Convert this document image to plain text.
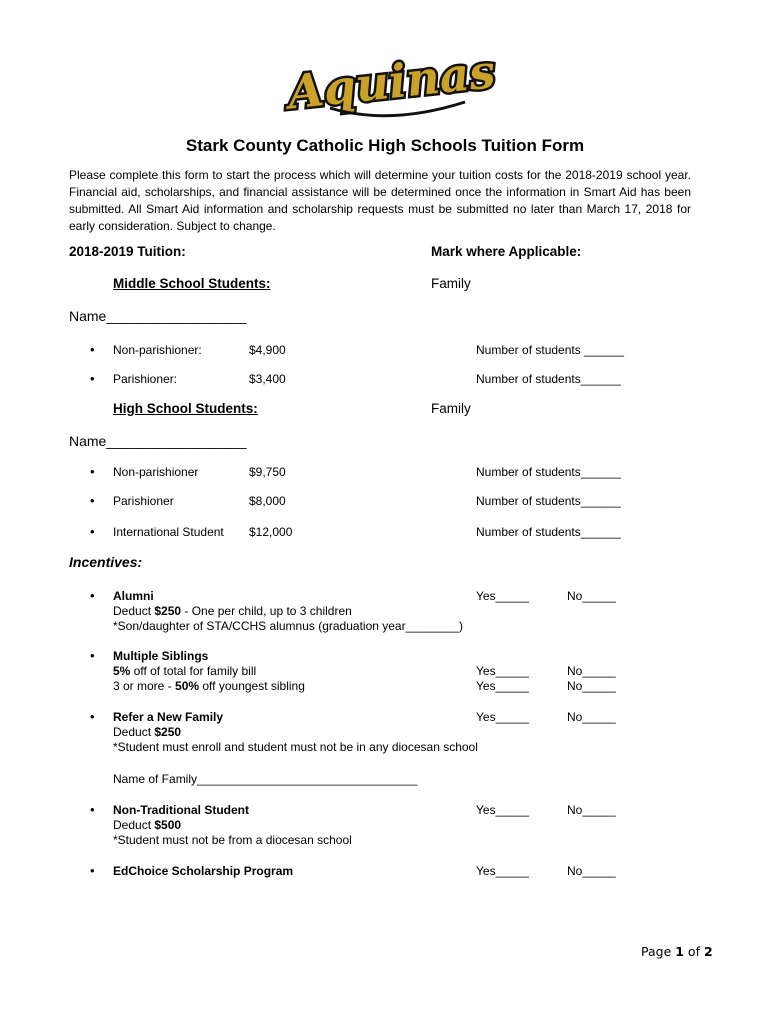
Aquinas
Stark County Catholic High Schools Tuition Form
Please complete this form to start the process which will determine your tuition costs for the 2018-2019 school year. Financial aid, scholarships, and financial assistance will be determined once the information in Smart Aid has been submitted. All Smart Aid information and scholarship requests must be submitted no later than March 17, 2018 for early consideration. Subject to change.
2018-2019 Tuition:	Mark where Applicable:
Middle School Students:	Family
Name__________________
• Non-parishioner:	$4,900	Number of students ______
• Parishioner:	$3,400	Number of students______
High School Students:	Family
Name__________________
• Non-parishioner	$9,750	Number of students______
• Parishioner	$8,000	Number of students______
• International Student $12,000	Number of students______
Incentives:
• Alumni	Yes_____	No_____
Deduct $250 - One per child, up to 3 children
*Son/daughter of STA/CCHS alumnus (graduation year________)
• Multiple Siblings
5% off of total for family bill	Yes_____	No_____
3 or more - 50% off youngest sibling	Yes_____	No_____
• Refer a New Family	Yes_____	No_____
Deduct $250
*Student must enroll and student must not be in any diocesan school
Name of Family_________________________________
• Non-Traditional Student	Yes_____	No_____
Deduct $500
*Student must not be from a diocesan school
• EdChoice Scholarship Program	Yes_____	No_____
Page 1 of 2
